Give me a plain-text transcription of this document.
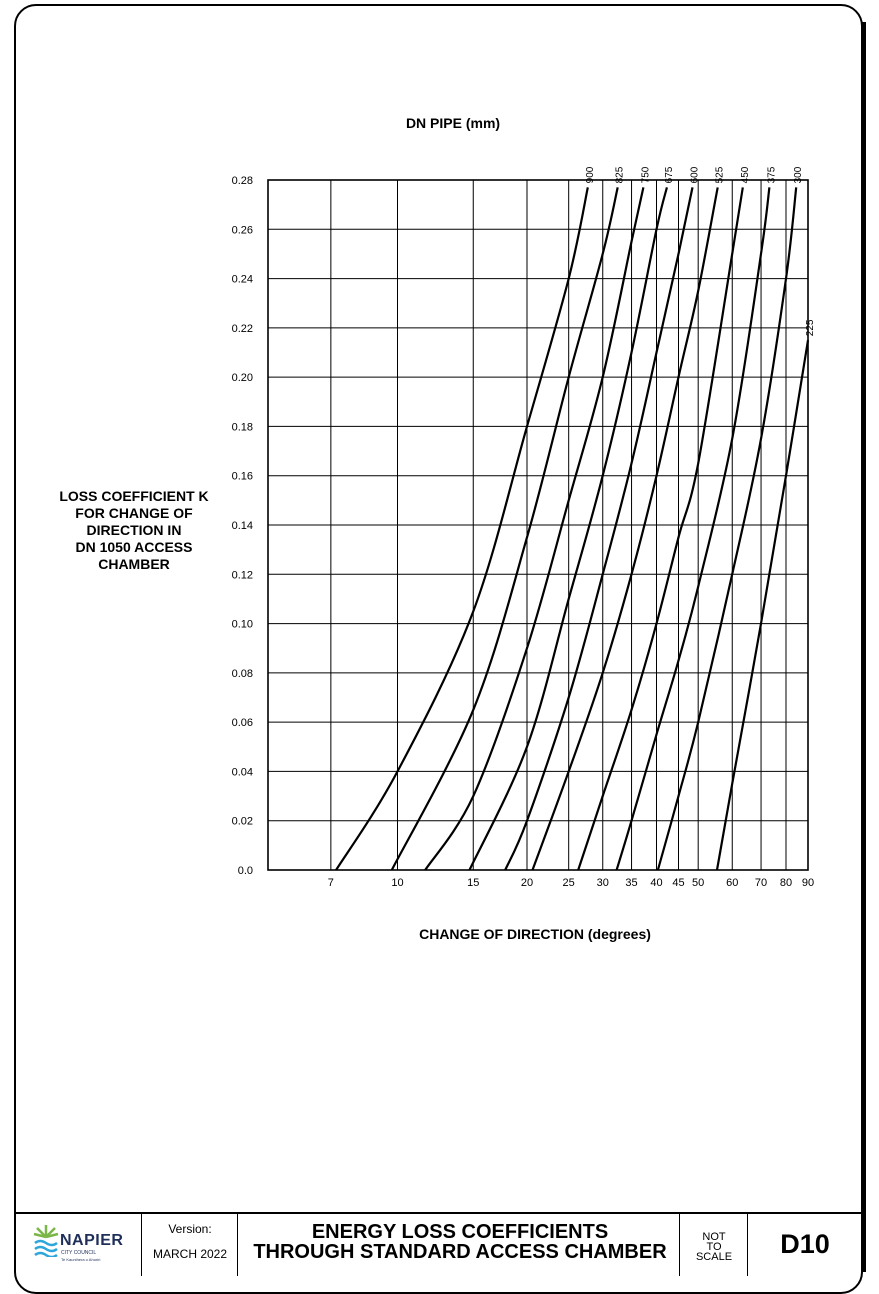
0.0
0.02
0.04
0.06
0.08
0.10
0.12
0.14
0.16
0.18
0.20
0.22
0.24
0.26
0.28
7	10	15	20	25 30 35 40 45 50 60 70 80 90
900 825 750 675 600 525 450 375 300
225
DN PIPE (mm)
CHANGE OF DIRECTION (degrees)
LOSS COEFFICIENT K
FOR CHANGE OF
DIRECTION IN
DN 1050 ACCESS
CHAMBER
NAPIER
CITY COUNCIL
Te Kaunihera o Ahuriri
Version:
MARCH 2022
ENERGY LOSS COEFFICIENTS
THROUGH STANDARD ACCESS CHAMBER
NOT
TO
SCALE	D10
